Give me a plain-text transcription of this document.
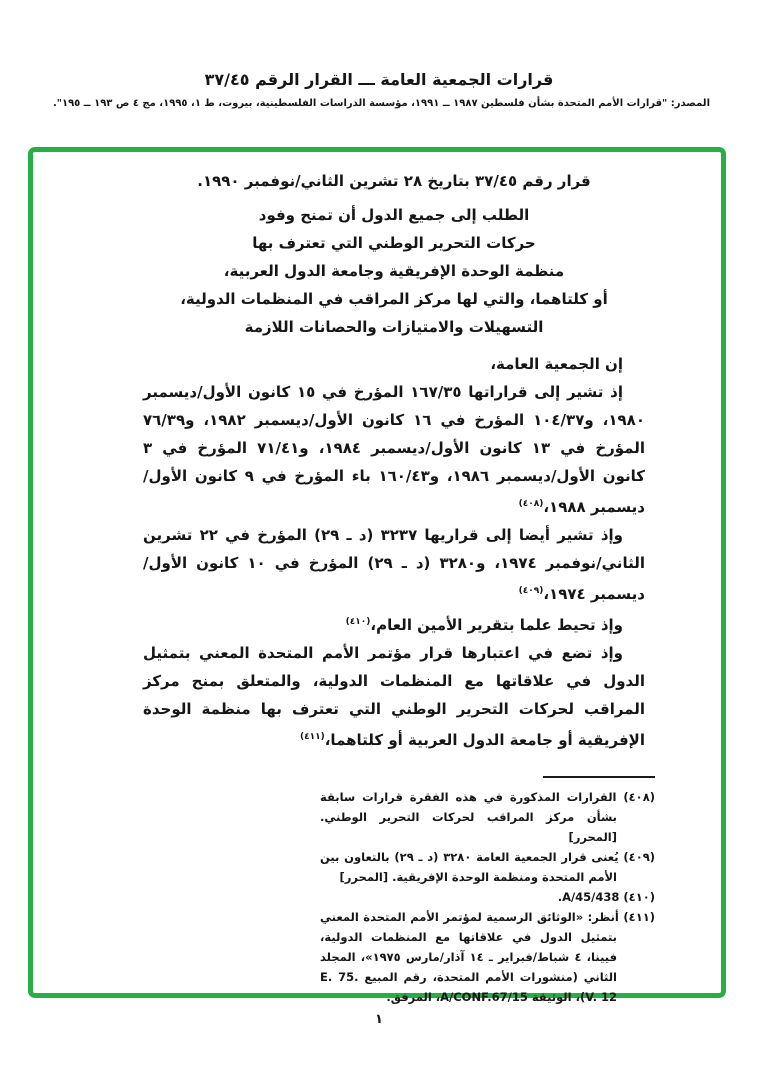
قرارات الجمعية العامة ـــ القرار الرقم ٣٧/٤٥
المصدر: "قرارات الأمم المتحدة بشأن فلسطين ١٩٨٧ ــ ١٩٩١، مؤسسة الدراسات الفلسطينية، بيروت، ط ١، ١٩٩٥، مج ٤ ص ١٩٣ ــ ١٩٥".
قرار رقم ٣٧/٤٥ بتاريخ ٢٨ تشرين الثاني/نوفمبر ١٩٩٠.
الطلب إلى جميع الدول أن تمنح وفود
حركات التحرير الوطني التي تعترف بها
منظمة الوحدة الإفريقية وجامعة الدول العربية،
أو كلتاهما، والتي لها مركز المراقب في المنظمات الدولية،
التسهيلات والامتيازات والحصانات اللازمة

إن الجمعية العامة،

إذ تشير إلى قراراتها ١٦٧/٣٥ المؤرخ في ١٥ كانون الأول/ديسمبر ١٩٨٠، و١٠٤/٣٧ المؤرخ في ١٦ كانون الأول/ديسمبر ١٩٨٢، و٧٦/٣٩ المؤرخ في ١٣ كانون الأول/ديسمبر ١٩٨٤، و٧١/٤١ المؤرخ في ٣ كانون الأول/ديسمبر ١٩٨٦، و١٦٠/٤٣ باء المؤرخ في ٩ كانون الأول/ديسمبر ١٩٨٨،$^{(٤٠٨)}$

وإذ تشير أيضا إلى قراريها ٣٢٣٧ (د ـ ٢٩) المؤرخ في ٢٢ تشرين الثاني/نوفمبر ١٩٧٤، و٣٢٨٠ (د ـ ٢٩) المؤرخ في ١٠ كانون الأول/ديسمبر ١٩٧٤،$^{(٤٠٩)}$

وإذ تحيط علما بتقرير الأمين العام،$^{(٤١٠)}$

وإذ تضع في اعتبارها قرار مؤتمر الأمم المتحدة المعني بتمثيل الدول في علاقاتها مع المنظمات الدولية، والمتعلق بمنح مركز المراقب لحركات التحرير الوطني التي تعترف بها منظمة الوحدة الإفريقية أو جامعة الدول العربية أو كلتاهما،$^{(٤١١)}$

(٤٠٨) القرارات المذكورة في هذه الفقرة قرارات سابقة بشأن مركز المراقب لحركات التحرير الوطني. [المحرر]
(٤٠٩) يُعنى قرار الجمعية العامة ٣٢٨٠ (د ـ ٢٩) بالتعاون بين الأمم المتحدة ومنظمة الوحدة الإفريقية. [المحرر]
(٤١٠) A/45/438.
(٤١١) أنظر: «الوثائق الرسمية لمؤتمر الأمم المتحدة المعني بتمثيل الدول في علاقاتها مع المنظمات الدولية، فيينا، ٤ شباط/فبراير ـ ١٤ آذار/مارس ١٩٧٥»، المجلد الثاني (منشورات الأمم المتحدة، رقم المبيع E. 75. V. 12)، الوثيقة A/CONF.67/15، المرفق.
١
